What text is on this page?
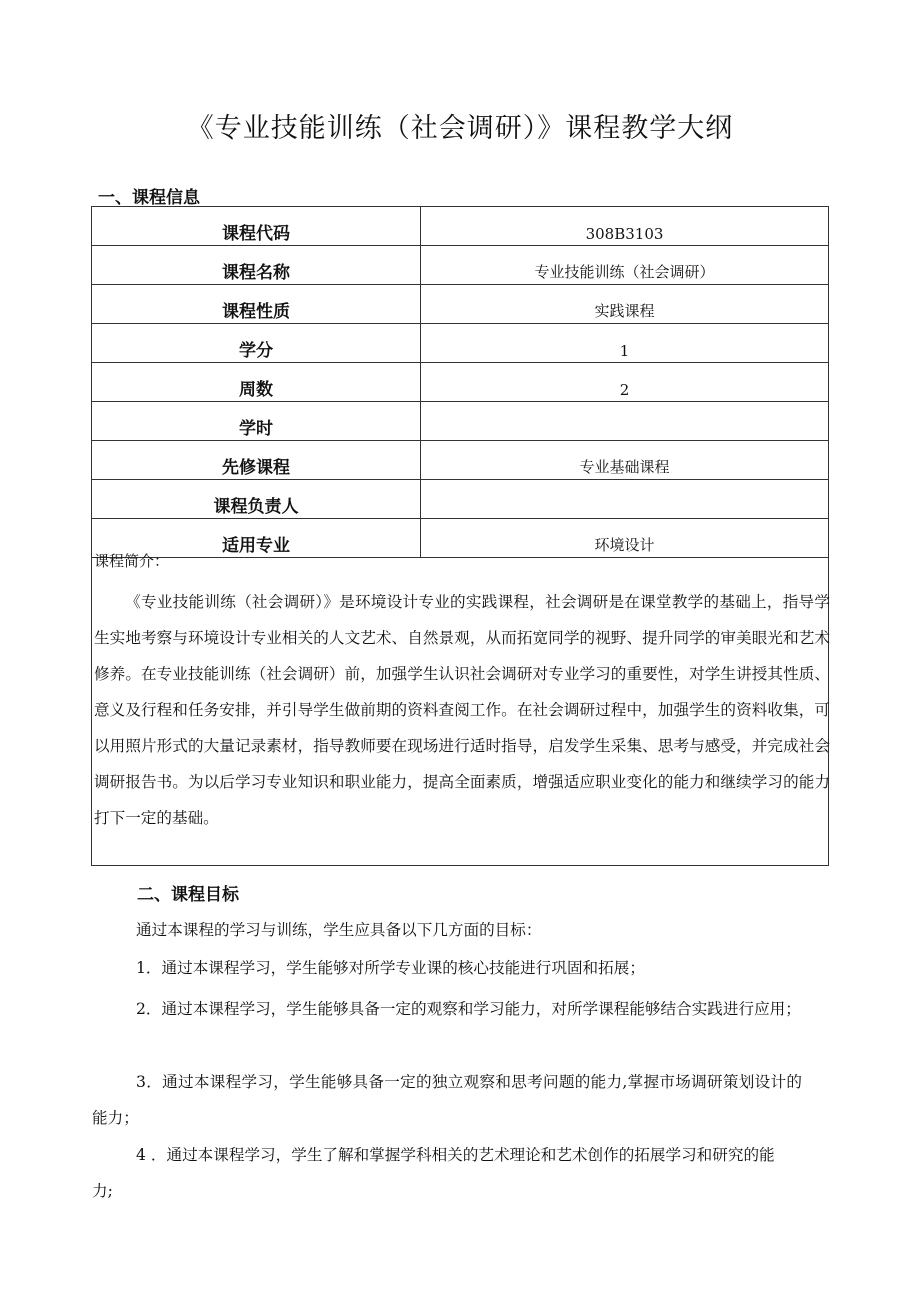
《专业技能训练（社会调研）》课程教学大纲
一、课程信息
课程代码	308B3103
课程名称	专业技能训练（社会调研）
课程性质	实践课程
学分	1
周数	2
学时	
先修课程	专业基础课程
课程负责人	
适用专业	环境设计
课程简介：

《专业技能训练（社会调研）》是环境设计专业的实践课程，社会调研是在课堂教学的基础上，指导学生实地考察与环境设计专业相关的人文艺术、自然景观，从而拓宽同学的视野、提升同学的审美眼光和艺术修养。在专业技能训练（社会调研）前，加强学生认识社会调研对专业学习的重要性，对学生讲授其性质、意义及行程和任务安排，并引导学生做前期的资料查阅工作。在社会调研过程中，加强学生的资料收集，可以用照片形式的大量记录素材，指导教师要在现场进行适时指导，启发学生采集、思考与感受，并完成社会调研报告书。为以后学习专业知识和职业能力，提高全面素质，增强适应职业变化的能力和继续学习的能力打下一定的基础。

二、课程目标

通过本课程的学习与训练，学生应具备以下几方面的目标：

1．通过本课程学习，学生能够对所学专业课的核心技能进行巩固和拓展；

2．通过本课程学习，学生能够具备一定的观察和学习能力，对所学课程能够结合实践进行应用；

3．通过本课程学习，学生能够具备一定的独立观察和思考问题的能力,掌握市场调研策划设计的能力；

4 ．通过本课程学习，学生了解和掌握学科相关的艺术理论和艺术创作的拓展学习和研究的能力;
